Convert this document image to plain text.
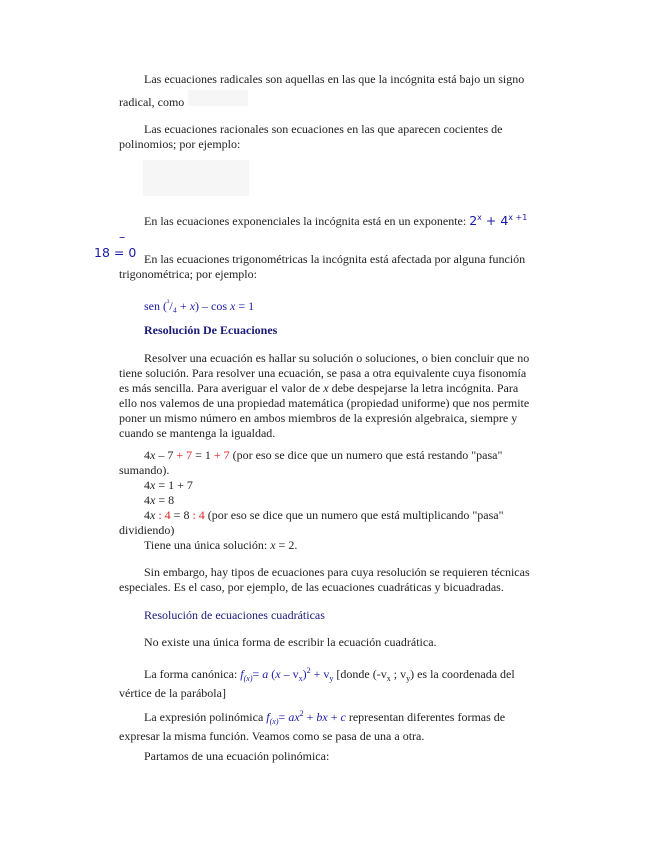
Las ecuaciones radicales son aquellas en las que la incógnita está bajo un signo

radical, como

Las ecuaciones racionales son ecuaciones en las que aparecen cocientes de polinomios; por ejemplo:

En las ecuaciones exponenciales la incógnita está en un exponente: $2^x + 4^{x +1}$ –
18 = 0 En las ecuaciones trigonométricas la incógnita está afectada por alguna función trigonométrica; por ejemplo:

sen ($^{^3}$/₄ + x) – cos x = 1

Resolución De Ecuaciones

Resolver una ecuación es hallar su solución o soluciones, o bien concluir que no tiene solución. Para resolver una ecuación, se pasa a otra equivalente cuya fisonomía es más sencilla. Para averiguar el valor de x debe despejarse la letra incógnita. Para ello nos valemos de una propiedad matemática (propiedad uniforme) que nos permite poner un mismo número en ambos miembros de la expresión algebraica, siempre y cuando se mantenga la igualdad.

4x – 7 + 7 = 1 + 7 (por eso se dice que un numero que está restando "pasa" sumando).

4x = 1 + 7

4x = 8

4x : 4 = 8 : 4 (por eso se dice que un numero que está multiplicando "pasa" dividiendo)

Tiene una única solución: x = 2.

Sin embargo, hay tipos de ecuaciones para cuya resolución se requieren técnicas especiales. Es el caso, por ejemplo, de las ecuaciones cuadráticas y bicuadradas.

Resolución de ecuaciones cuadráticas

No existe una única forma de escribir la ecuación cuadrática.

La forma canónica: $f_{(x)}= a$ $(x - v_x)^2 + v_y$ [donde ($-v_x$ ; $v_y$) es la coordenada del vértice de la parábola]

La expresión polinómica $f_{(x)}= ax^2$ + bx + c representan diferentes formas de expresar la misma función. Veamos como se pasa de una a otra.

Partamos de una ecuación polinómica:
